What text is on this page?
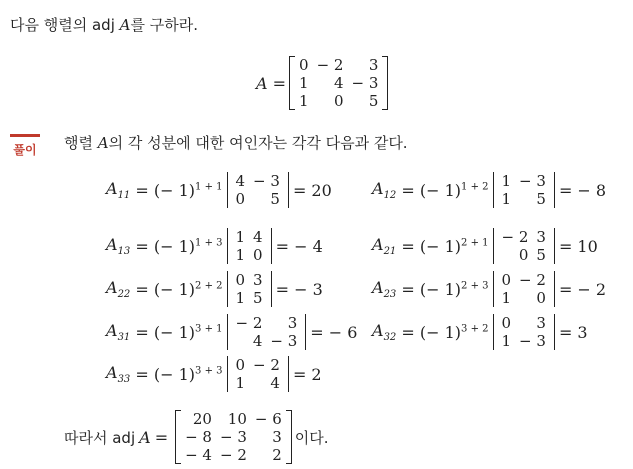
다음 행렬의 adj A를 구하라.
A =
0	− 2	3
1	4	− 3
1	0	5
풀이 행렬 A의 각 성분에 대한 여인자는 각각 다음과 같다.
$A_{11}$ = (− 1)$^{1 + 1}$ 4	− 3
0	5 = 20	$A_{12}$ = (− 1)$^{1 + 2}$ 1	− 3
1	5 = − 8
$A_{13}$ = (− 1)$^{1 + 3}$ 1	4
1	0 = − 4	$A_{21}$ = (− 1)$^{2 + 1}$ − 2	3
0	5 = 10
$A_{22}$ = (− 1)$^{2 + 2}$ 0	3
1	5 = − 3	$A_{23}$ = (− 1)$^{2 + 3}$ 0	− 2
1	0 = − 2
$A_{31}$ = (− 1)$^{3 + 1}$ − 2	3
4	− 3 = − 6 $A_{32}$ = (− 1)$^{3 + 2}$ 0	3
1	− 3 = 3
$A_{33}$ = (− 1)$^{3 + 3}$ 0	− 2
1	4 = 2
따라서 adj A =
20	10	− 6
− 8	− 3	3
− 4	− 2	2
이다.
